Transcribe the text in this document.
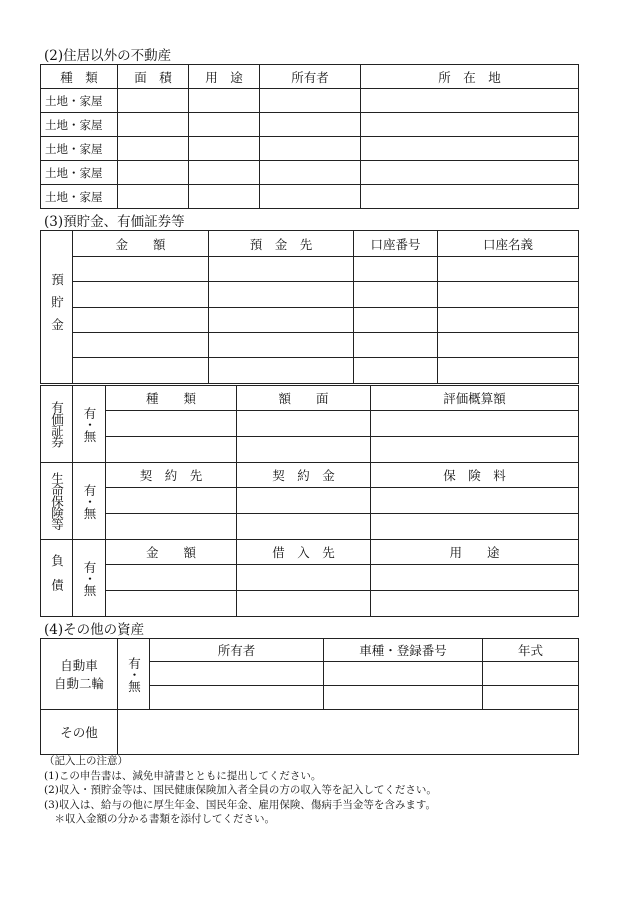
(2)住居以外の不動産
種　類	面　積	用　途	所有者	所　在　地
土地・家屋				
土地・家屋				
土地・家屋				
土地・家屋				
土地・家屋				
(3)預貯金、有価証券等
預貯金	金　　額	預　金　先	口座番号	口座名義

有価証券	有・無	種　　類	額　　面	評価概算額

生命保険等	有・無	契　約　先	契　約　金	保　険　料

負債	有・無	金　　額	借　入　先	用　　途

(4)その他の資産
自動車
自動二輪	有・無	所有者	車種・登録番号	年式

その他				
（記入上の注意）
(1)この申告書は、減免申請書とともに提出してください。
(2)収入・預貯金等は、国民健康保険加入者全員の方の収入等を記入してください。
(3)収入は、給与の他に厚生年金、国民年金、雇用保険、傷病手当金等を含みます。
　＊収入金額の分かる書類を添付してください。
